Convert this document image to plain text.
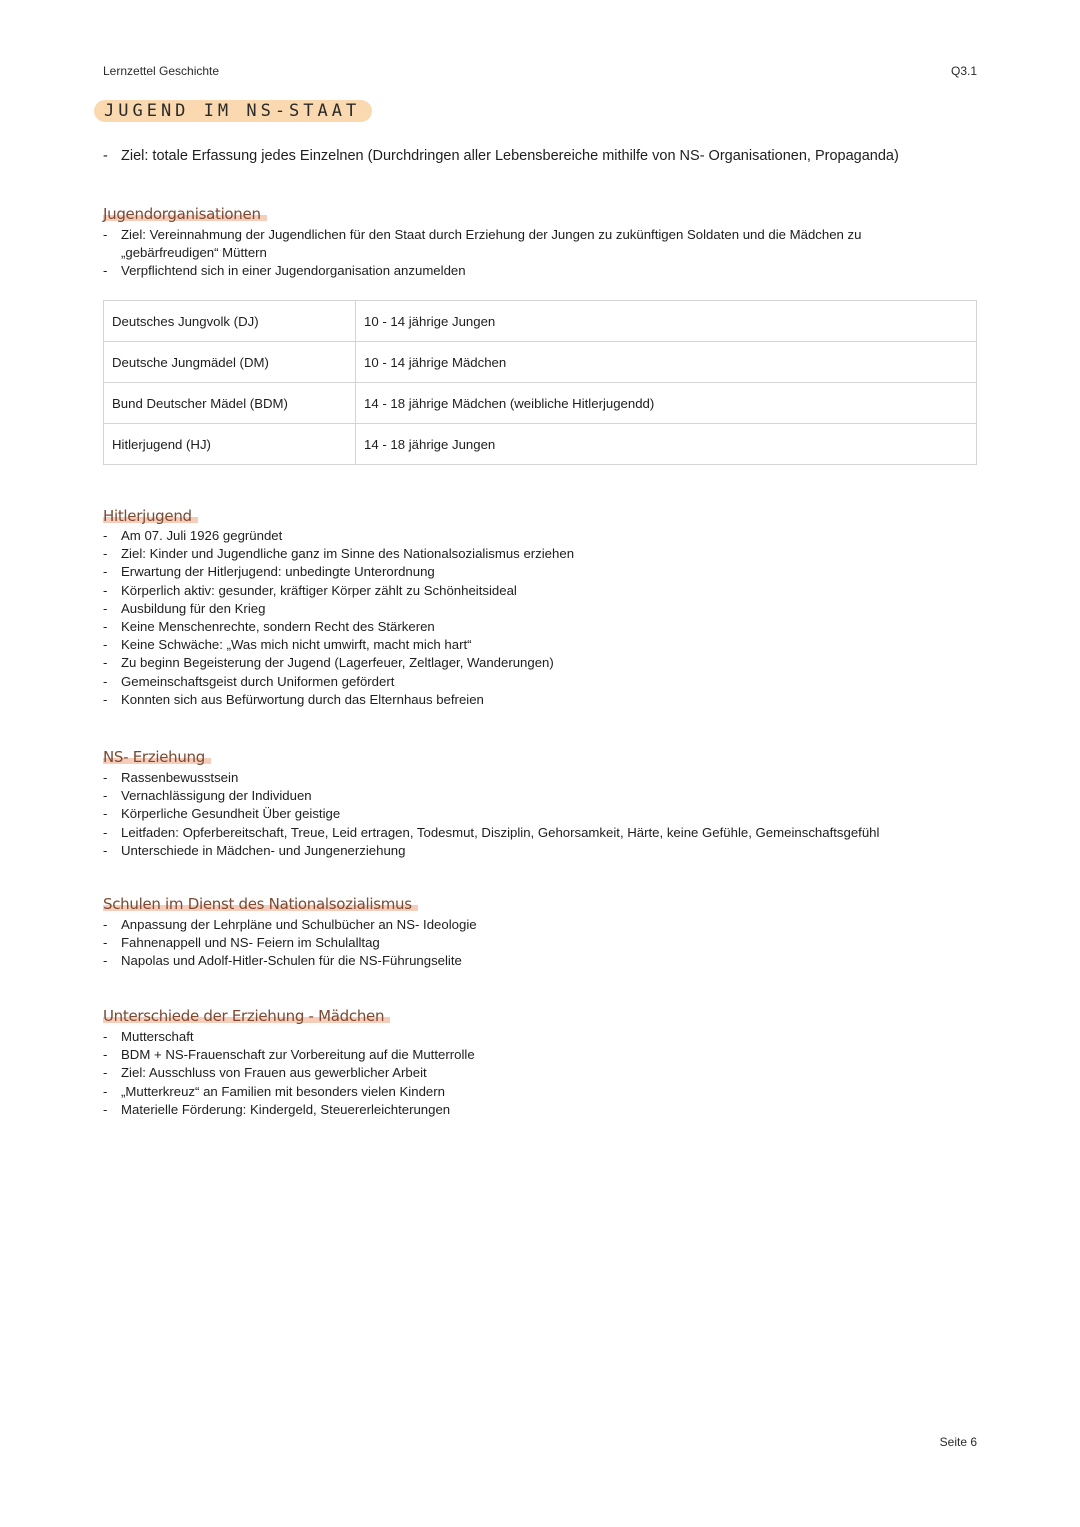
Lernzettel Geschichte	Q3.1
JUGEND IM NS-STAAT
- Ziel: totale Erfassung jedes Einzelnen (Durchdringen aller Lebensbereiche mithilfe von NS- Organisationen, Propaganda)
Jugendorganisationen
- Ziel: Vereinnahmung der Jugendlichen für den Staat durch Erziehung der Jungen zu zukünftigen Soldaten und die Mädchen zu „gebärfreudigen“ Müttern
- Verpflichtend sich in einer Jugendorganisation anzumelden
Deutsches Jungvolk (DJ)	10 - 14 jährige Jungen
Deutsche Jungmädel (DM)	10 - 14 jährige Mädchen
Bund Deutscher Mädel (BDM)	14 - 18 jährige Mädchen (weibliche Hitlerjugendd)
Hitlerjugend (HJ)	14 - 18 jährige Jungen
Hitlerjugend
- Am 07. Juli 1926 gegründet
- Ziel: Kinder und Jugendliche ganz im Sinne des Nationalsozialismus erziehen
- Erwartung der Hitlerjugend: unbedingte Unterordnung
- Körperlich aktiv: gesunder, kräftiger Körper zählt zu Schönheitsideal
- Ausbildung für den Krieg
- Keine Menschenrechte, sondern Recht des Stärkeren
- Keine Schwäche: „Was mich nicht umwirft, macht mich hart“
- Zu beginn Begeisterung der Jugend (Lagerfeuer, Zeltlager, Wanderungen)
- Gemeinschaftsgeist durch Uniformen gefördert
- Konnten sich aus Befürwortung durch das Elternhaus befreien
NS- Erziehung
- Rassenbewusstsein
- Vernachlässigung der Individuen
- Körperliche Gesundheit Über geistige
- Leitfaden: Opferbereitschaft, Treue, Leid ertragen, Todesmut, Disziplin, Gehorsamkeit, Härte, keine Gefühle, Gemeinschaftsgefühl
- Unterschiede in Mädchen- und Jungenerziehung
Schulen im Dienst des Nationalsozialismus
- Anpassung der Lehrpläne und Schulbücher an NS- Ideologie
- Fahnenappell und NS- Feiern im Schulalltag
- Napolas und Adolf-Hitler-Schulen für die NS-Führungselite
Unterschiede der Erziehung - Mädchen
- Mutterschaft
- BDM + NS-Frauenschaft zur Vorbereitung auf die Mutterrolle
- Ziel: Ausschluss von Frauen aus gewerblicher Arbeit
- „Mutterkreuz“ an Familien mit besonders vielen Kindern
- Materielle Förderung: Kindergeld, Steuererleichterungen
Seite 6
